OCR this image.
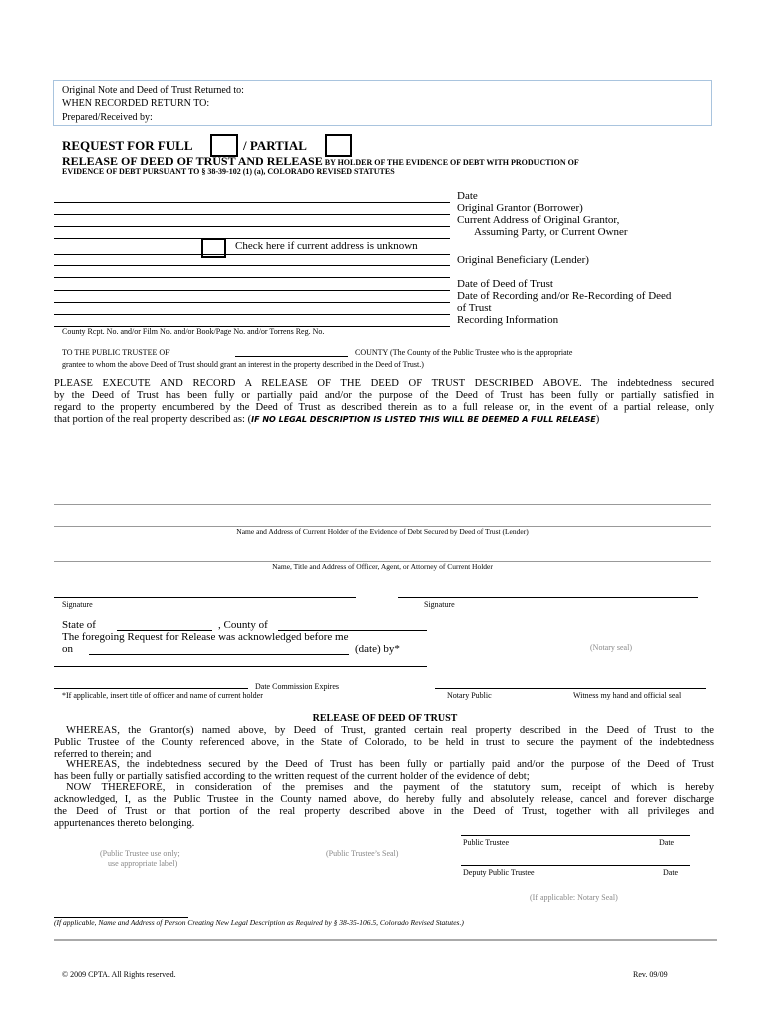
Original Note and Deed of Trust Returned to:
WHEN RECORDED RETURN TO:
Prepared/Received by:
REQUEST FOR FULL	/ PARTIAL
RELEASE OF DEED OF TRUST AND RELEASE BY HOLDER OF THE EVIDENCE OF DEBT WITH PRODUCTION OF
EVIDENCE OF DEBT PURSUANT TO § 38-39-102 (1) (a), COLORADO REVISED STATUTES
Check here if current address is unknown
Date
Original Grantor (Borrower)
Current Address of Original Grantor,
Assuming Party, or Current Owner
Original Beneficiary (Lender)
Date of Deed of Trust
Date of Recording and/or Re-Recording of Deed
of Trust
Recording Information
County Rcpt. No. and/or Film No. and/or Book/Page No. and/or Torrens Reg. No.
TO THE PUBLIC TRUSTEE OF	COUNTY (The County of the Public Trustee who is the appropriate
grantee to whom the above Deed of Trust should grant an interest in the property described in the Deed of Trust.)
PLEASE EXECUTE AND RECORD A RELEASE OF THE DEED OF TRUST DESCRIBED ABOVE. The indebtedness secured
by the Deed of Trust has been fully or partially paid and/or the purpose of the Deed of Trust has been fully or partially satisfied in
regard to the property encumbered by the Deed of Trust as described therein as to a full release or, in the event of a partial release, only
that portion of the real property described as: (IF NO LEGAL DESCRIPTION IS LISTED THIS WILL BE DEEMED A FULL RELEASE)
Name and Address of Current Holder of the Evidence of Debt Secured by Deed of Trust (Lender)
Name, Title and Address of Officer, Agent, or Attorney of Current Holder
Signature	Signature
State of	, County of
The foregoing Request for Release was acknowledged before me
on	(date) by*	(Notary seal)
Date Commission Expires
*If applicable, insert title of officer and name of current holder	Notary Public	Witness my hand and official seal
RELEASE OF DEED OF TRUST
WHEREAS, the Grantor(s) named above, by Deed of Trust, granted certain real property described in the Deed of Trust to the
Public Trustee of the County referenced above, in the State of Colorado, to be held in trust to secure the payment of the indebtedness
referred to therein; and
WHEREAS, the indebtedness secured by the Deed of Trust has been fully or partially paid and/or the purpose of the Deed of Trust
has been fully or partially satisfied according to the written request of the current holder of the evidence of debt;
NOW THEREFORE, in consideration of the premises and the payment of the statutory sum, receipt of which is hereby
acknowledged, I, as the Public Trustee in the County named above, do hereby fully and absolutely release, cancel and forever discharge
the Deed of Trust or that portion of the real property described above in the Deed of Trust, together with all privileges and
appurtenances thereto belonging.
Public Trustee	Date
(Public Trustee use only;
use appropriate label)
(Public Trustee’s Seal)
Deputy Public Trustee	Date
(If applicable: Notary Seal)
(If applicable, Name and Address of Person Creating New Legal Description as Required by § 38-35-106.5, Colorado Revised Statutes.)
© 2009 CPTA. All Rights reserved.	Rev. 09/09
